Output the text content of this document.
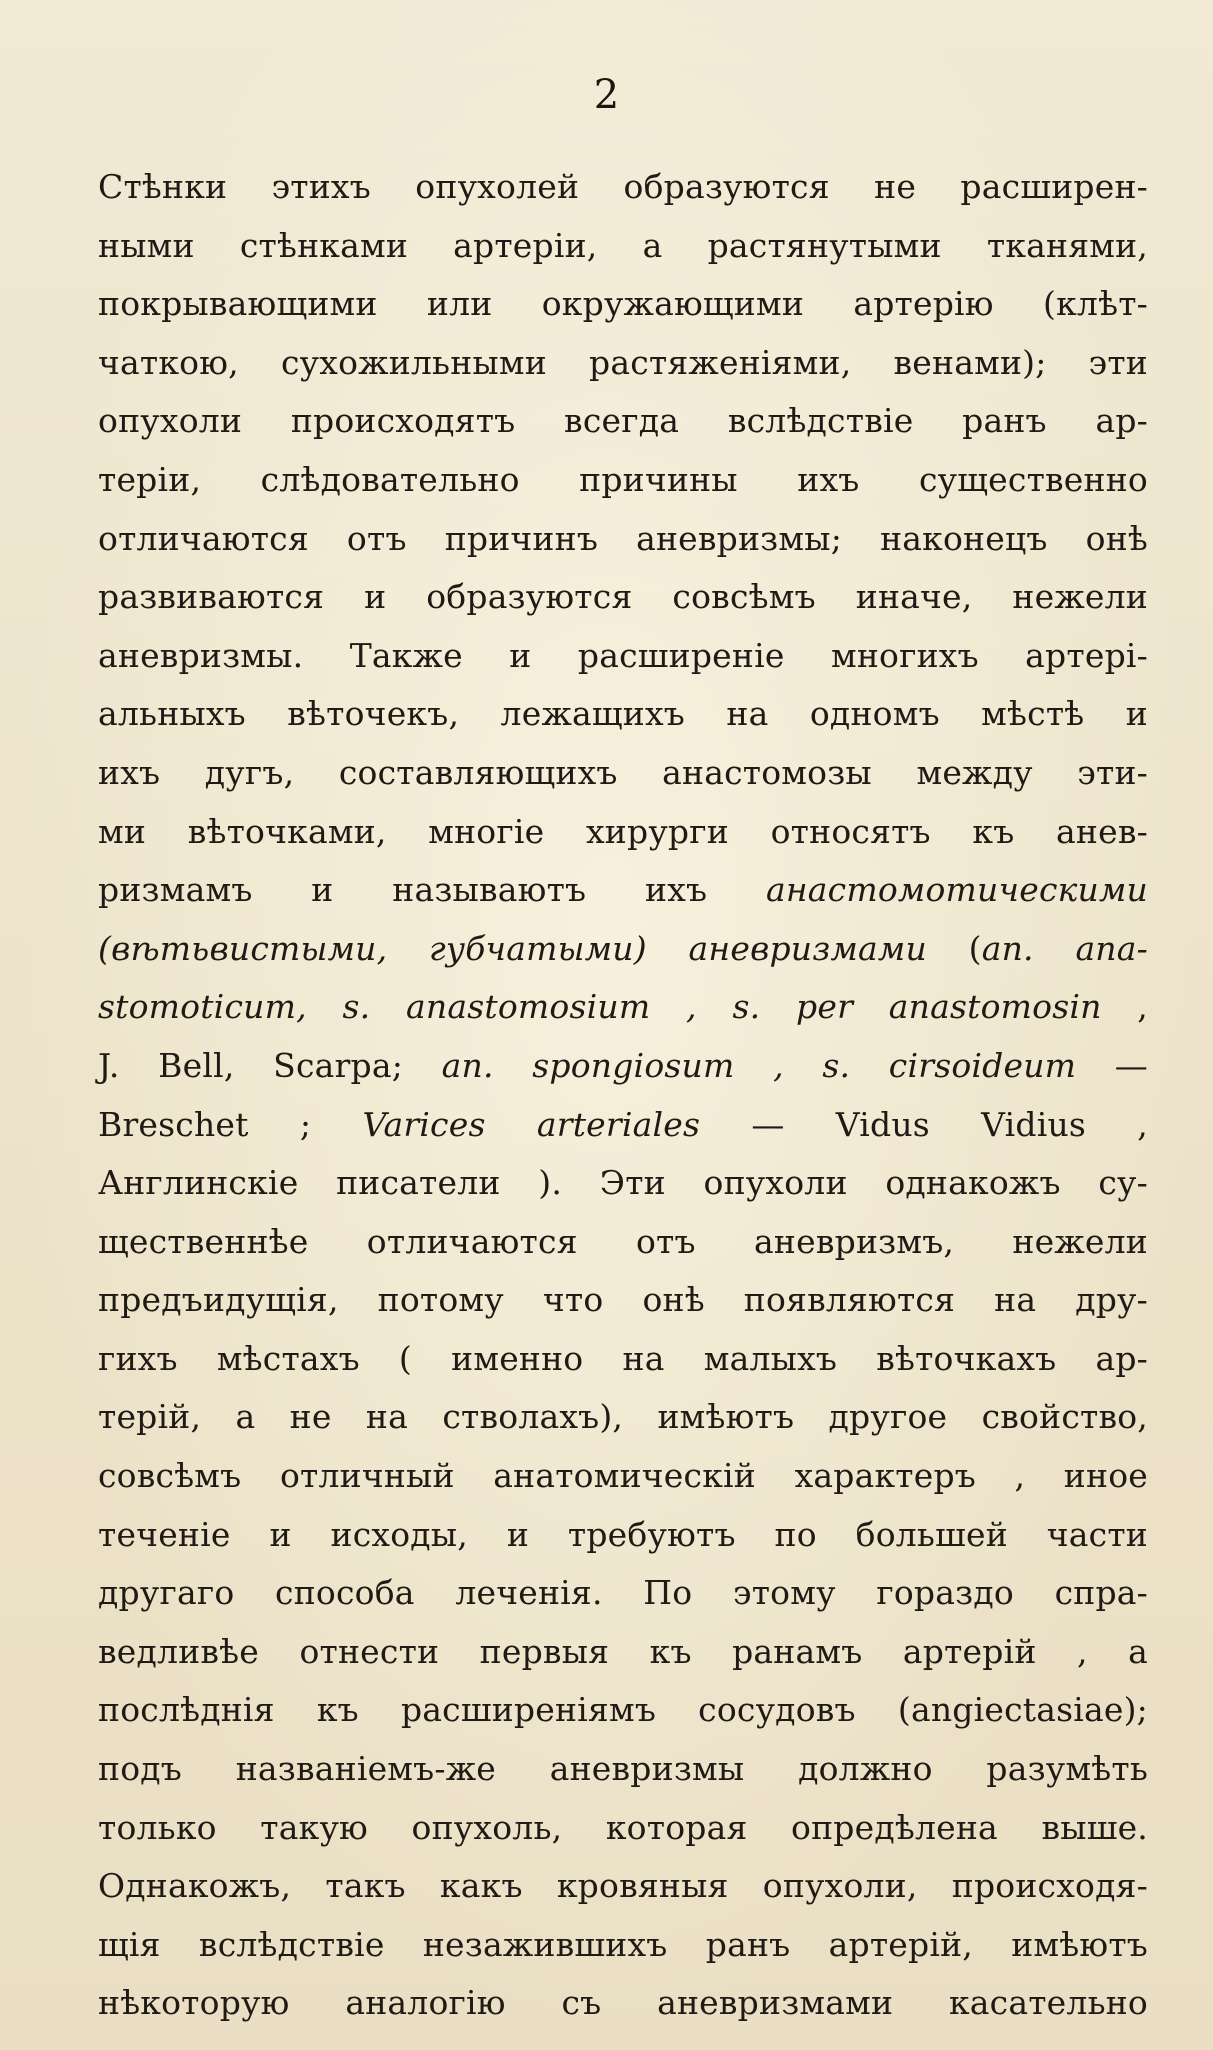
2
Стѣнки этихъ опухолей образуются не расширен-
ными стѣнками артеріи, а растянутыми тканями,
покрывающими или окружающими артерію (клѣт-
чаткою, сухожильными растяженіями, венами); эти
опухоли происходятъ всегда вслѣдствіе ранъ ар-
теріи, слѣдовательно причины ихъ существенно
отличаются отъ причинъ аневризмы; наконецъ онѣ
развиваются и образуются совсѣмъ иначе, нежели
аневризмы. Также и расширеніе многихъ артері-
альныхъ вѣточекъ, лежащихъ на одномъ мѣстѣ и
ихъ дугъ, составляющихъ анастомозы между эти-
ми вѣточками, многіе хирурги относятъ къ анев-
ризмамъ и называютъ ихъ анастомотическими
(вѣтьвистыми, губчатыми) аневризмами (an. ana-
stomoticum, s. anastomosium , s. per anastomosin ,
J. Bell, Scarpa; an. spongiosum , s. cirsoideum —
Breschet ; Varices arteriales — Vidus Vidius ,
Англинскіе писатели ). Эти опухоли однакожъ су-
щественнѣе отличаются отъ аневризмъ, нежели
предъидущія, потому что онѣ появляются на дру-
гихъ мѣстахъ ( именно на малыхъ вѣточкахъ ар-
терій, а не на стволахъ), имѣютъ другое свойство,
совсѣмъ отличный анатомическій характеръ , иное
теченіе и исходы, и требуютъ по большей части
другаго способа леченія. По этому гораздо спра-
ведливѣе отнести первыя къ ранамъ артерій , а
послѣднія къ расширеніямъ сосудовъ (angiectasiae);
подъ названіемъ-же аневризмы должно разумѣть
только такую опухоль, которая опредѣлена выше.
Однакожъ, такъ какъ кровяныя опухоли, происходя-
щія вслѣдствіе незажившихъ ранъ артерій, имѣютъ
нѣкоторую аналогію съ аневризмами касательно
